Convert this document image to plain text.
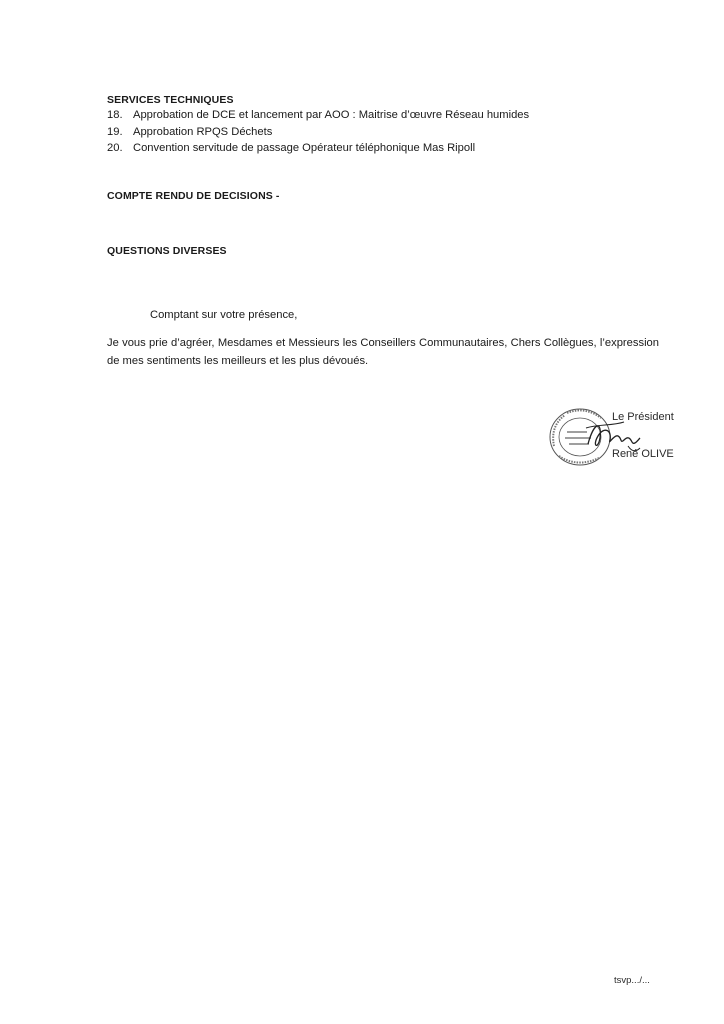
SERVICES TECHNIQUES
18. Approbation de DCE et lancement par AOO : Maitrise d’œuvre Réseau humides
19. Approbation RPQS Déchets
20. Convention servitude de passage Opérateur téléphonique Mas Ripoll
COMPTE RENDU DE DECISIONS -
QUESTIONS DIVERSES
Comptant sur votre présence,
Je vous prie d’agréer, Mesdames et Messieurs les Conseillers Communautaires, Chers Collègues, l’expression de mes sentiments les meilleurs et les plus dévoués.
Le Président
René OLIVE
tsvp.../...
